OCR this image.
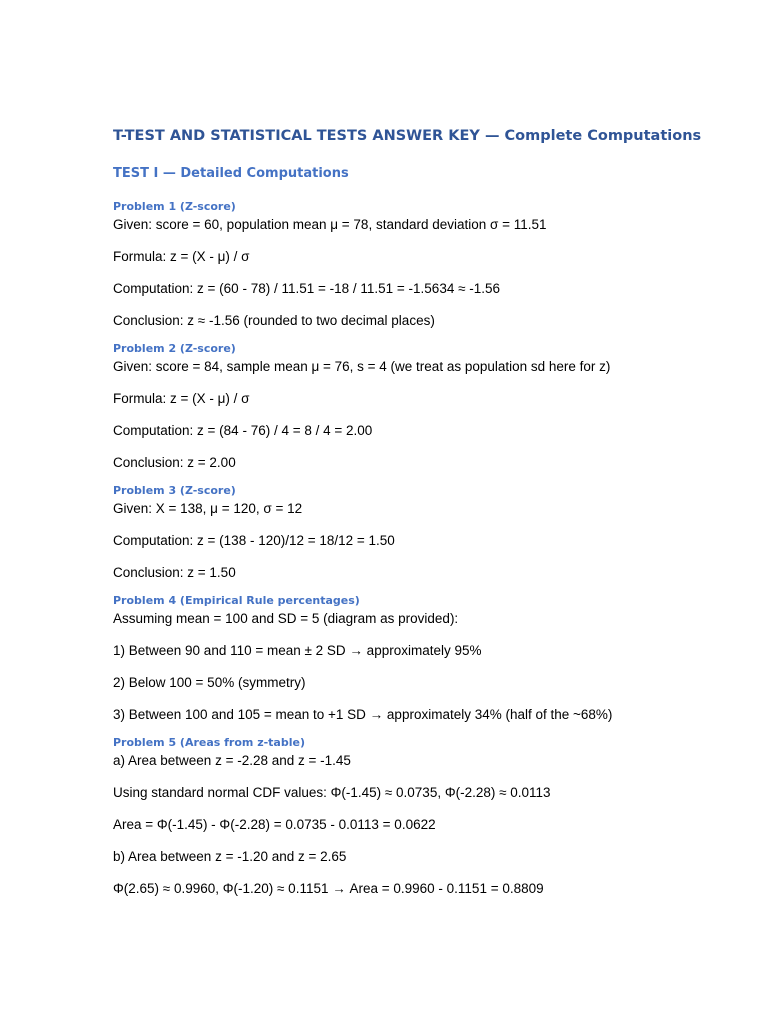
T-TEST AND STATISTICAL TESTS ANSWER KEY — Complete Computations
TEST I — Detailed Computations
Problem 1 (Z-score)
Given: score = 60, population mean μ = 78, standard deviation σ = 11.51
Formula: z = (X - μ) / σ
Computation: z = (60 - 78) / 11.51 = -18 / 11.51 = -1.5634 ≈ -1.56
Conclusion: z ≈ -1.56 (rounded to two decimal places)
Problem 2 (Z-score)
Given: score = 84, sample mean μ = 76, s = 4 (we treat as population sd here for z)
Formula: z = (X - μ) / σ
Computation: z = (84 - 76) / 4 = 8 / 4 = 2.00
Conclusion: z = 2.00
Problem 3 (Z-score)
Given: X = 138, μ = 120, σ = 12
Computation: z = (138 - 120)/12 = 18/12 = 1.50
Conclusion: z = 1.50
Problem 4 (Empirical Rule percentages)
Assuming mean = 100 and SD = 5 (diagram as provided):
1) Between 90 and 110 = mean ± 2 SD → approximately 95%
2) Below 100 = 50% (symmetry)
3) Between 100 and 105 = mean to +1 SD → approximately 34% (half of the ~68%)
Problem 5 (Areas from z-table)
a) Area between z = -2.28 and z = -1.45
Using standard normal CDF values: Φ(-1.45) ≈ 0.0735, Φ(-2.28) ≈ 0.0113
Area = Φ(-1.45) - Φ(-2.28) = 0.0735 - 0.0113 = 0.0622
b) Area between z = -1.20 and z = 2.65
Φ(2.65) ≈ 0.9960, Φ(-1.20) ≈ 0.1151 → Area = 0.9960 - 0.1151 = 0.8809
